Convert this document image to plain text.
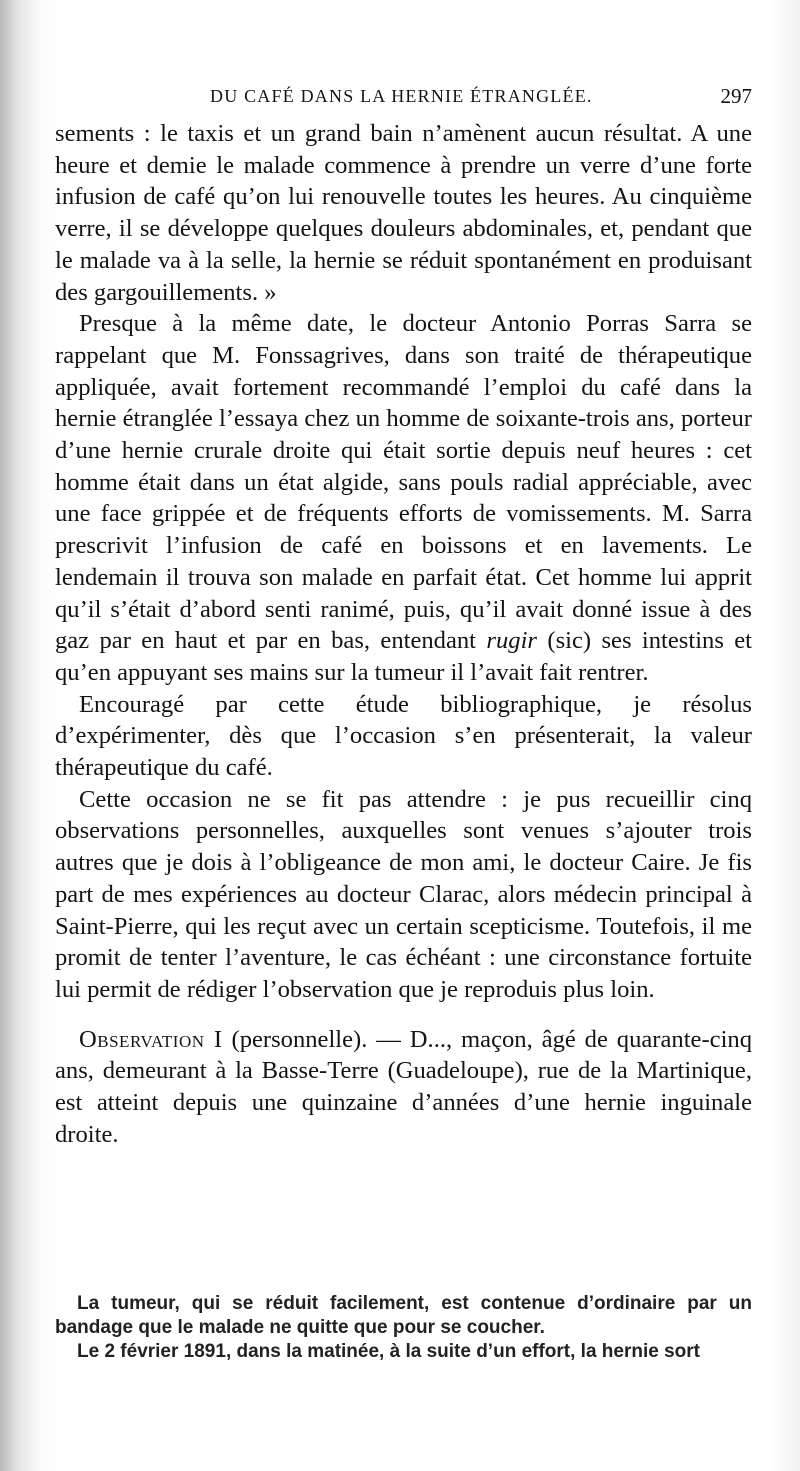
DU CAFÉ DANS LA HERNIE ÉTRANGLÉE.	297

sements : le taxis et un grand bain n’amènent aucun résultat. A une heure et demie le malade commence à prendre un verre d’une forte infusion de café qu’on lui renouvelle toutes les heures. Au cinquième verre, il se développe quelques douleurs abdominales, et, pendant que le malade va à la selle, la hernie se réduit spontanément en produisant des gargouillements. »

Presque à la même date, le docteur Antonio Porras Sarra se rappelant que M. Fonssagrives, dans son traité de thérapeutique appliquée, avait fortement recommandé l’emploi du café dans la hernie étranglée l’essaya chez un homme de soixante-trois ans, porteur d’une hernie crurale droite qui était sortie depuis neuf heures : cet homme était dans un état algide, sans pouls radial appréciable, avec une face grippée et de fréquents efforts de vomissements. M. Sarra prescrivit l’infusion de café en boissons et en lavements. Le lendemain il trouva son malade en parfait état. Cet homme lui apprit qu’il s’était d’abord senti ranimé, puis, qu’il avait donné issue à des gaz par en haut et par en bas, entendant rugir (sic) ses intestins et qu’en appuyant ses mains sur la tumeur il l’avait fait rentrer.

Encouragé par cette étude bibliographique, je résolus d’expérimenter, dès que l’occasion s’en présenterait, la valeur thérapeutique du café.

Cette occasion ne se fit pas attendre : je pus recueillir cinq observations personnelles, auxquelles sont venues s’ajouter trois autres que je dois à l’obligeance de mon ami, le docteur Caire. Je fis part de mes expériences au docteur Clarac, alors médecin principal à Saint-Pierre, qui les reçut avec un certain scepticisme. Toutefois, il me promit de tenter l’aventure, le cas échéant : une circonstance fortuite lui permit de rédiger l’observation que je reproduis plus loin.

Observation I (personnelle). — D..., maçon, âgé de quarante-cinq ans, demeurant à la Basse-Terre (Guadeloupe), rue de la Martinique, est atteint depuis une quinzaine d’années d’une hernie inguinale droite.

La tumeur, qui se réduit facilement, est contenue d’ordinaire par un bandage que le malade ne quitte que pour se coucher.

Le 2 février 1891, dans la matinée, à la suite d’un effort, la hernie sort
